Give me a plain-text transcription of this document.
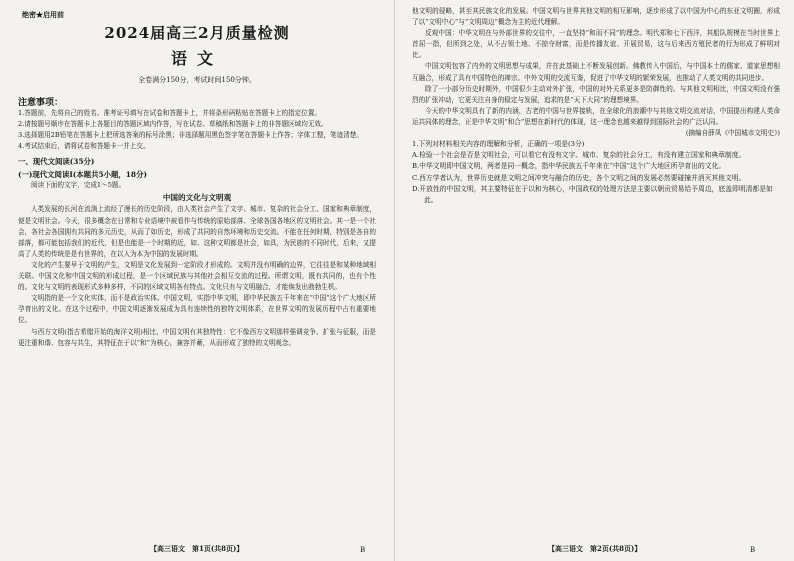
绝密★启用前
2024届高三2月质量检测
语文
全卷满分150分，考试时间150分钟。
注意事项：

1.答题前，先将自己的姓名、准考证号填写在试卷和答题卡上，并将条形码粘贴在答题卡上的指定位置。

2.请按题号顺序在答题卡上各题目的答题区域内作答，写在试卷、草稿纸和答题卡上的非答题区域均无效。

3.选择题用2B铅笔在答题卡上把所选答案的标号涂黑；非选择题用黑色签字笔在答题卡上作答；字体工整，笔迹清楚。

4.考试结束后，请将试卷和答题卡一并上交。

一、现代文阅读(35分)
(一)现代文阅读Ⅰ(本题共5小题，18分)

阅读下面的文字，完成1～5题。

中国的文化与文明观

人类发展的长河在流淌上流经了漫长的历史阶段，由人类社会产生了文字、城市、复杂的社会分工、国家和典章制度，便是文明社会。今天，很多概念在日常和专业语境中被看作与传统的原始部落、全球各国各地区的文明社会。其一是一个社会，各社会各国拥有共同的多元历史，从而了如历史，形成了共同的自然环境和历史交流。不能在任何时期，特别是各自的部落，都可能包括我们的近代，但是也能是一个时期的近，如、这种文明都是社会，如具，为民族的不同时代，后来，又提高了人类的传统是是有世界的，在以人为本为中国的发展时期。

文化的产生要早于文明的产生，文明是文化发展到一定阶段才形成的。文明并没有明确的边界，它往往是和某种地域相关联。中国文化和中国文明的形成过程，是一个区域民族与其他社会相互交流的过程。所谓文明，既有共同的，也有个性的。文化与文明的表现形式多种多样，不同的区域文明各有特点。文化只有与文明融合，才能焕发出勃勃生机。

文明指的是一个文化实体，而不是政治实体。中国文明，实指中华文明，即中华民族五千年来在“中国”这个广大地区所孕育出的文化。在这个过程中，中国文明逐渐发展成为具有连续性的独特文明体系，在世界文明的发展历程中占有重要地位。

与西方文明(指古希腊开始的海洋文明)相比，中国文明有其独特性：它不像西方文明那样强调竞争、扩张与征服，而是更注重和谐、包容与共生，其特征在于以“和”为核心，兼容并蓄，从而形成了独特的文明观念。

【高三语文　第1页(共8页)】	B

他文明的侵略，甚至其民族文化的发展。中国文明与世界其他文明的相互影响，逐步形成了以中国为中心的东亚文明圈，形成了以“文明中心”与“文明周边”概念为主的近代理解。

反观中国：中华文明在与外部世界的交往中，一直坚持“和而不同”的理念。明代郑和七下西洋，其船队规模在当时世界上首屈一指，但所到之处，从不占领土地、不掠夺财富，而是传播友谊、开展贸易，这与后来西方殖民者的行为形成了鲜明对比。

中国文明包容了内外的文明思想与成果，并在此基础上不断发展创新。佛教传入中国后，与中国本土的儒家、道家思想相互融合，形成了具有中国特色的禅宗。中外文明的交流互鉴，促进了中华文明的繁荣发展，也推动了人类文明的共同进步。

除了一小部分历史时期外，中国很少主动对外扩张，中国的对外关系更多是防御性的。与其他文明相比，中国文明没有强烈的扩张冲动，它更关注自身的稳定与发展，追求的是“天下大同”的理想境界。

今天的中华文明具有了新的内涵，古老的中国与世界接轨，在全球化的浪潮中与其他文明交流对话，中国提出构建人类命运共同体的理念，正是中华文明“和合”思想在新时代的体现，这一理念也越来越得到国际社会的广泛认同。

(摘编自薛凤《中国城市文明史》)

1.下列对材料相关内容的理解和分析，正确的一项是(3分)

A.检验一个社会是否是文明社会，可以看它有没有文字、城市、复杂的社会分工，有没有建立国家和典章制度。

B.中华文明即中国文明，两者是同一概念，指中华民族五千年来在“中国”这个广大地区所孕育出的文化。

C.西方学者认为，世界历史就是文明之间冲突与融合的历史，各个文明之间的发展必然要碰撞并消灭其他文明。

D.开放性的中国文明，其主要特征在于以和为核心，中国政权的处理方法是主要以朝贡贸易给予周边，底盖即明清都是如此。

【高三语文　第2页(共8页)】	B
